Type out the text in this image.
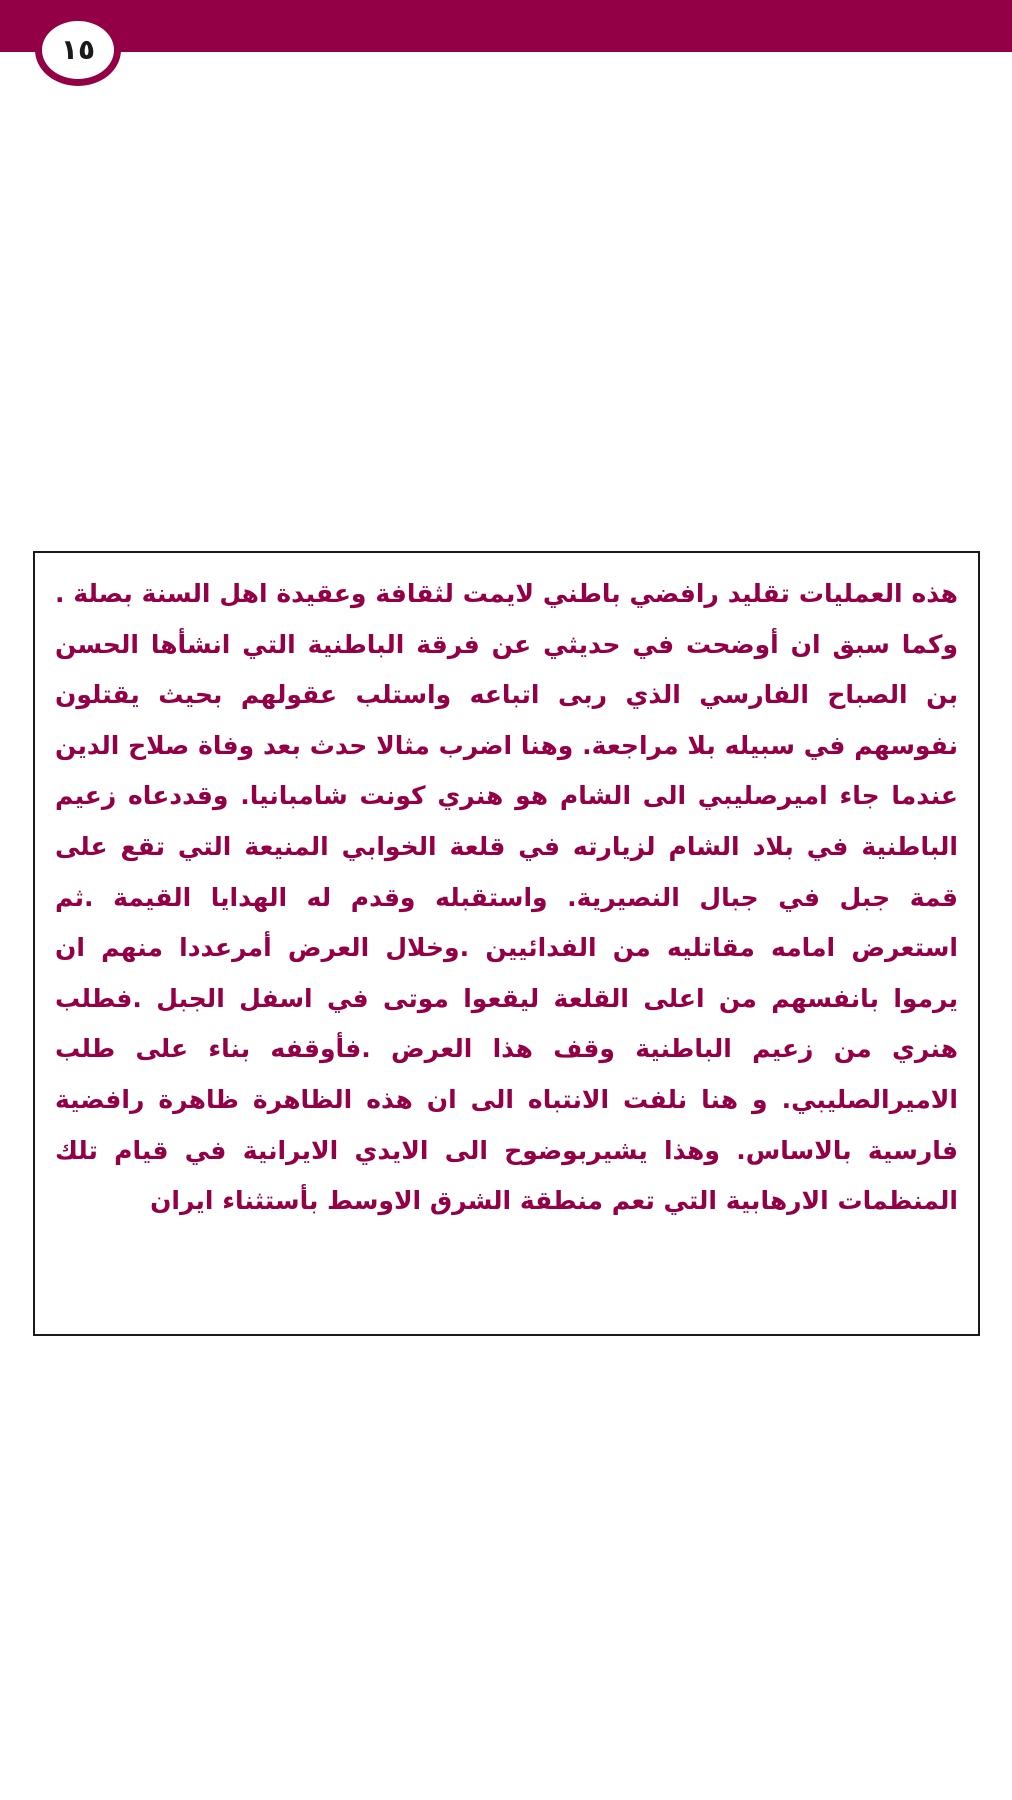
١٥

هذه العمليات تقليد رافضي باطني لايمت لثقافة وعقيدة اهل السنة بصلة . وكما سبق ان أوضحت في حديثي عن فرقة الباطنية التي انشأها الحسن بن الصباح الفارسي الذي ربى اتباعه واستلب عقولهم بحيث يقتلون نفوسهم في سبيله بلا مراجعة. وهنا اضرب مثالا حدث بعد وفاة صلاح الدين عندما جاء اميرصليبي الى الشام هو هنري كونت شامبانيا. وقددعاه زعيم الباطنية في بلاد الشام لزيارته في قلعة الخوابي المنيعة التي تقع على قمة جبل في جبال النصيرية. واستقبله وقدم له الهدايا القيمة .ثم استعرض امامه مقاتليه من الفدائيين .وخلال العرض أمرعددا منهم ان يرموا بانفسهم من اعلى القلعة ليقعوا موتى في اسفل الجبل .فطلب هنري من زعيم الباطنية وقف هذا العرض .فأوقفه بناء على طلب الاميرالصليبي. و هنا نلفت الانتباه الى ان هذه الظاهرة ظاهرة رافضية فارسية بالاساس. وهذا يشيربوضوح الى الايدي الايرانية في قيام تلك المنظمات الارهابية التي تعم منطقة الشرق الاوسط بأستثناء ايران
